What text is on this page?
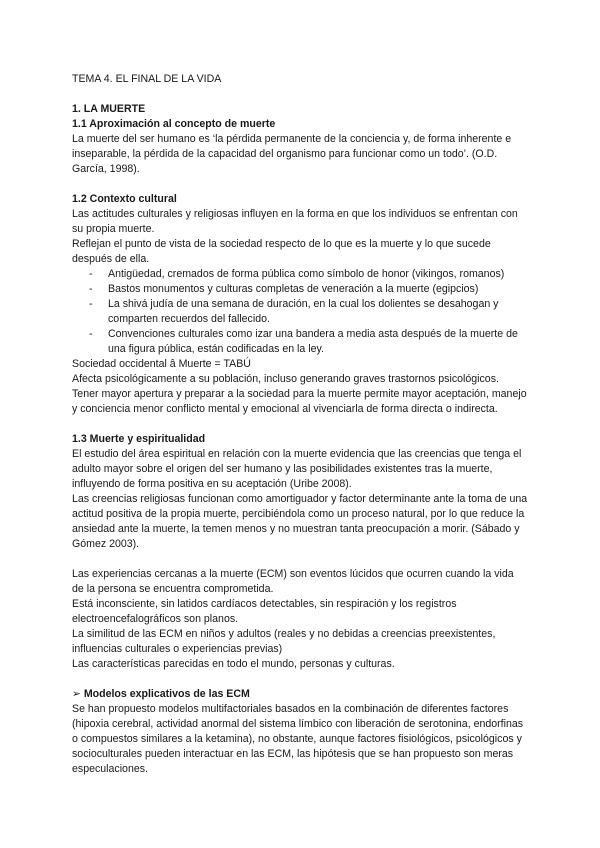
TEMA 4. EL FINAL DE LA VIDA

1. LA MUERTE

1.1 Aproximación al concepto de muerte

La muerte del ser humano es ‘la pérdida permanente de la conciencia y, de forma inherente e inseparable, la pérdida de la capacidad del organismo para funcionar como un todo’. (O.D. García, 1998).

1.2 Contexto cultural

Las actitudes culturales y religiosas influyen en la forma en que los individuos se enfrentan con su propia muerte.

Reflejan el punto de vista de la sociedad respecto de lo que es la muerte y lo que sucede después de ella.

- Antigüedad, cremados de forma pública como símbolo de honor (vikingos, romanos)
- Bastos monumentos y culturas completas de veneración a la muerte (egipcios)
- La shivá judía de una semana de duración, en la cual los dolientes se desahogan y comparten recuerdos del fallecido.
- Convenciones culturales como izar una bandera a media asta después de la muerte de una figura pública, están codificadas en la ley.

Sociedad occidental â Muerte = TABÚ

Afecta psicológicamente a su población, incluso generando graves trastornos psicológicos.

Tener mayor apertura y preparar a la sociedad para la muerte permite mayor aceptación, manejo y conciencia menor conflicto mental y emocional al vivenciarla de forma directa o indirecta.

1.3 Muerte y espiritualidad

El estudio del área espiritual en relación con la muerte evidencia que las creencias que tenga el adulto mayor sobre el origen del ser humano y las posibilidades existentes tras la muerte, influyendo de forma positiva en su aceptación (Uribe 2008).

Las creencias religiosas funcionan como amortiguador y factor determinante ante la toma de una actitud positiva de la propia muerte, percibiéndola como un proceso natural, por lo que reduce la ansiedad ante la muerte, la temen menos y no muestran tanta preocupación a morir. (Sábado y Gómez 2003).

Las experiencias cercanas a la muerte (ECM) son eventos lúcidos que ocurren cuando la vida de la persona se encuentra comprometida.

Está inconsciente, sin latidos cardíacos detectables, sin respiración y los registros electroencefalográficos son planos.

La similitud de las ECM en niños y adultos (reales y no debidas a creencias preexistentes, influencias culturales o experiencias previas)

Las características parecidas en todo el mundo, personas y culturas.

➢ Modelos explicativos de las ECM

Se han propuesto modelos multifactoriales basados en la combinación de diferentes factores (hipoxia cerebral, actividad anormal del sistema límbico con liberación de serotonina, endorfinas o compuestos similares a la ketamina), no obstante, aunque factores fisiológicos, psicológicos y socioculturales pueden interactuar en las ECM, las hipótesis que se han propuesto son meras especulaciones.
